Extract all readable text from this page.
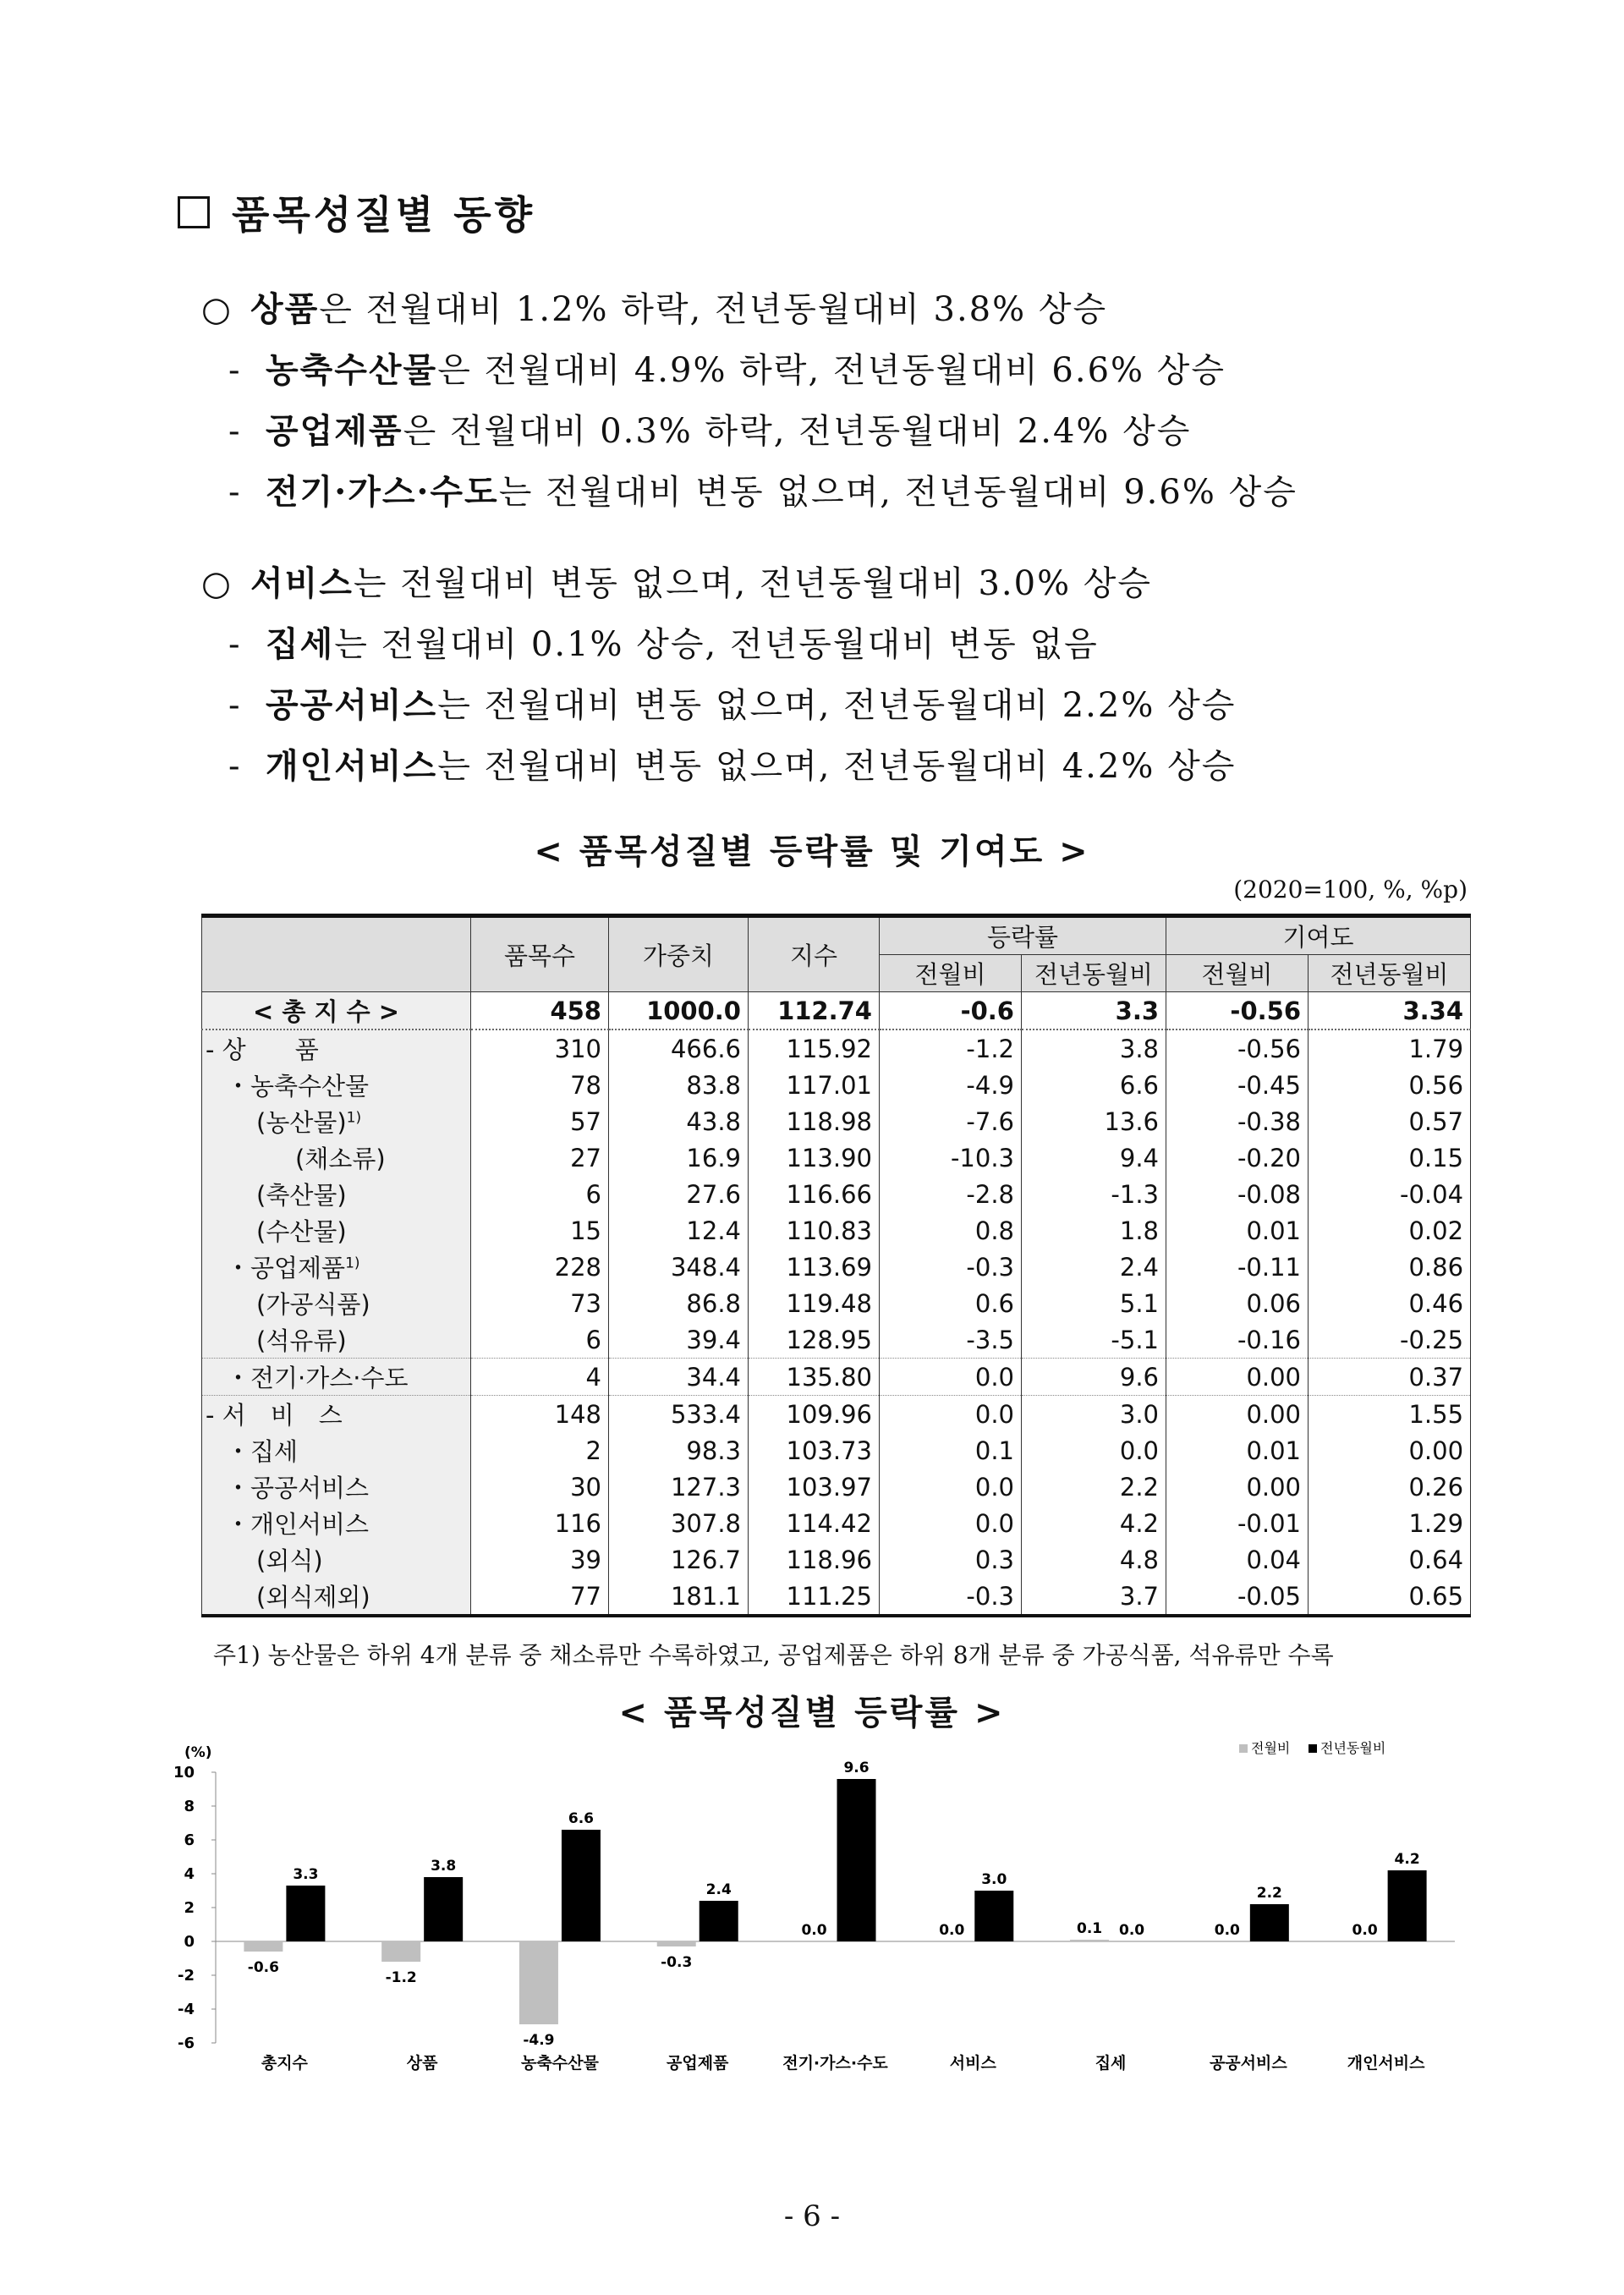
품목성질별 동향
○ 상품은 전월대비 1.2% 하락, 전년동월대비 3.8% 상승
- 농축수산물은 전월대비 4.9% 하락, 전년동월대비 6.6% 상승
- 공업제품은 전월대비 0.3% 하락, 전년동월대비 2.4% 상승
- 전기·가스·수도는 전월대비 변동 없으며, 전년동월대비 9.6% 상승
○ 서비스는 전월대비 변동 없으며, 전년동월대비 3.0% 상승
- 집세는 전월대비 0.1% 상승, 전년동월대비 변동 없음
- 공공서비스는 전월대비 변동 없으며, 전년동월대비 2.2% 상승
- 개인서비스는 전월대비 변동 없으며, 전년동월대비 4.2% 상승
< 품목성질별 등락률 및 기여도 >
(2020=100, %, %p)
	품목수	가중치	지수	등락률		기여도	
				전월비	전년동월비	전월비	전년동월비
< 총 지 수 >	458	1000.0	112.74	-0.6	3.3	-0.56	3.34
- 상　　품	310	466.6	115.92	-1.2	3.8	-0.56	1.79
・농축수산물	78	83.8	117.01	-4.9	6.6	-0.45	0.56
(농산물)$^{1)}$	57	43.8	118.98	-7.6	13.6	-0.38	0.57
(채소류)	27	16.9	113.90	-10.3	9.4	-0.20	0.15
(축산물)	6	27.6	116.66	-2.8	-1.3	-0.08	-0.04
(수산물)	15	12.4	110.83	0.8	1.8	0.01	0.02
・공업제품$^{1)}$	228	348.4	113.69	-0.3	2.4	-0.11	0.86
(가공식품)	73	86.8	119.48	0.6	5.1	0.06	0.46
(석유류)	6	39.4	128.95	-3.5	-5.1	-0.16	-0.25
・전기·가스·수도	4	34.4	135.80	0.0	9.6	0.00	0.37
- 서　비　스	148	533.4	109.96	0.0	3.0	0.00	1.55
・집세	2	98.3	103.73	0.1	0.0	0.01	0.00
・공공서비스	30	127.3	103.97	0.0	2.2	0.00	0.26
・개인서비스	116	307.8	114.42	0.0	4.2	-0.01	1.29
(외식)	39	126.7	118.96	0.3	4.8	0.04	0.64
(외식제외)	77	181.1	111.25	-0.3	3.7	-0.05	0.65
주1) 농산물은 하위 4개 분류 중 채소류만 수록하였고, 공업제품은 하위 8개 분류 중 가공식품, 석유류만 수록
< 품목성질별 등락률 >
(%)
-6
-4
-2
0
2
4
6
8
10
-0.6
3.3
총지수
-1.2
3.8
상품
-4.9
6.6
농축수산물
-0.3
2.4
공업제품
0.0
9.6
전기·가스·수도
0.0
3.0
서비스
0.1 0.0
집세
0.0
2.2
공공서비스
0.0
4.2
개인서비스
전월비 전년동월비
- 6 -
